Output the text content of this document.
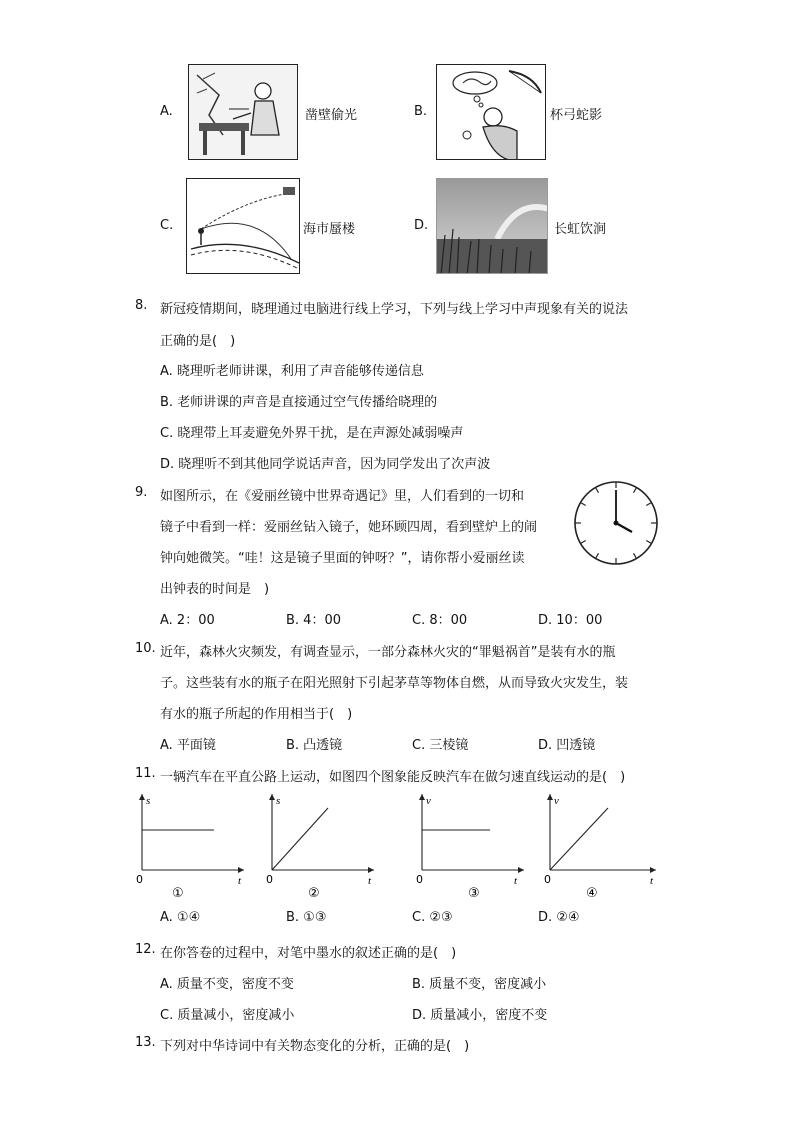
A.	凿壁偷光	B.	杯弓蛇影
C.	海市蜃楼	D.	长虹饮涧
8. 新冠疫情期间，晓理通过电脑进行线上学习，下列与线上学习中声现象有关的说法
正确的是(　)
A. 晓理听老师讲课，利用了声音能够传递信息
B. 老师讲课的声音是直接通过空气传播给晓理的
C. 晓理带上耳麦避免外界干扰，是在声源处减弱噪声
D. 晓理听不到其他同学说话声音，因为同学发出了次声波
9. 如图所示，在《爱丽丝镜中世界奇遇记》里，人们看到的一切和
镜子中看到一样：爱丽丝钻入镜子，她环顾四周，看到壁炉上的闹
钟向她微笑。“哇！这是镜子里面的钟呀？”，请你帮小爱丽丝读
出钟表的时间是　)
A. 2：00	B. 4：00	C. 8：00	D. 10：00
10. 近年，森林火灾频发，有调查显示，一部分森林火灾的“罪魁祸首”是装有水的瓶
子。这些装有水的瓶子在阳光照射下引起茅草等物体自燃，从而导致火灾发生，装
有水的瓶子所起的作用相当于(　)
A. 平面镜	B. 凸透镜	C. 三棱镜	D. 凹透镜
11. 一辆汽车在平直公路上运动，如图四个图象能反映汽车在做匀速直线运动的是(　)
s
t
0
①
s
t
0
②
v
t
0
③
v
t
0
④
A. ①④	B. ①③	C. ②③	D. ②④
12. 在你答卷的过程中，对笔中墨水的叙述正确的是(　)
A. 质量不变，密度不变	B. 质量不变，密度减小
C. 质量减小，密度减小	D. 质量减小，密度不变
13. 下列对中华诗词中有关物态变化的分析，正确的是(　)
